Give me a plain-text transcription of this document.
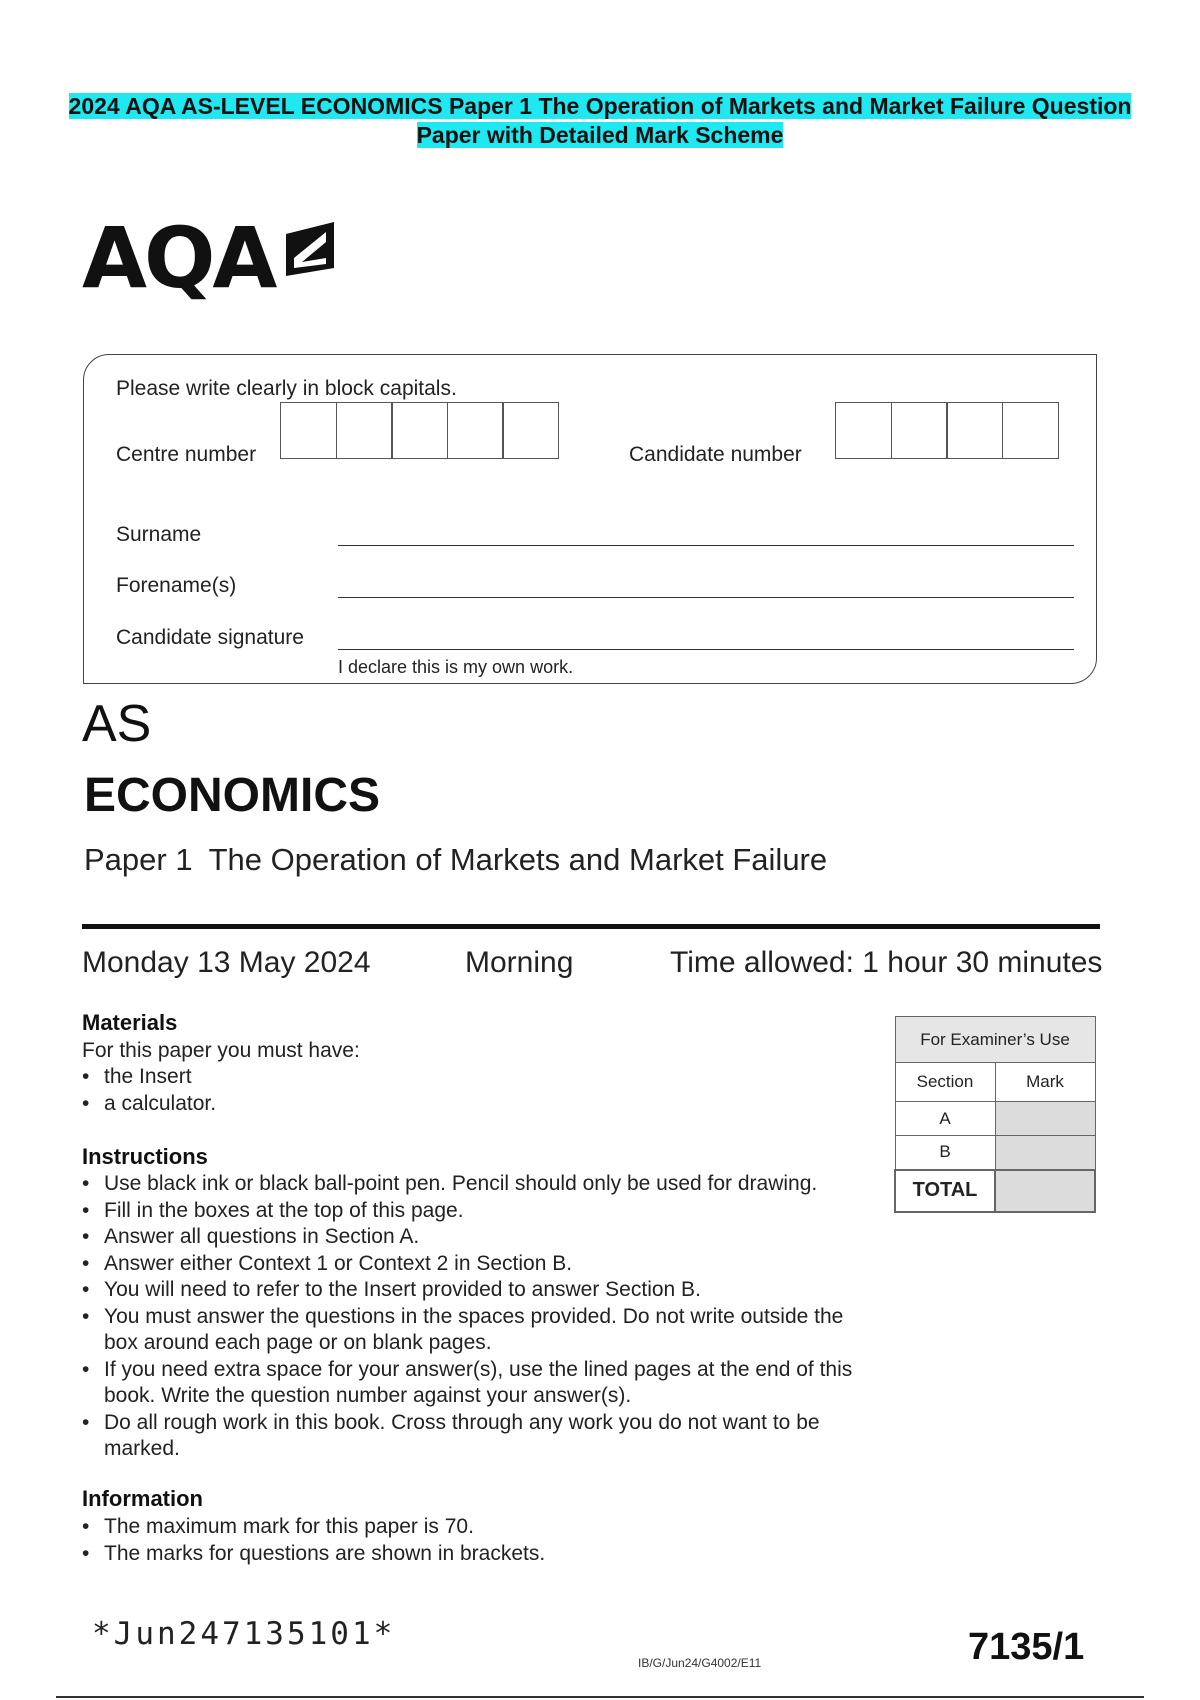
2024 AQA AS-LEVEL ECONOMICS Paper 1 The Operation of Markets and Market Failure Question
Paper with Detailed Mark Scheme
AQA
Please write clearly in block capitals.
Centre number	Candidate number
Surname
Forename(s)
Candidate signature
I declare this is my own work.
AS
ECONOMICS
Paper 1 The Operation of Markets and Market Failure
Monday 13 May 2024	Morning	Time allowed: 1 hour 30 minutes
Materials
For this paper you must have:
• the Insert
• a calculator.
Instructions
• Use black ink or black ball-point pen. Pencil should only be used for drawing.
• Fill in the boxes at the top of this page.
• Answer all questions in Section A.
• Answer either Context 1 or Context 2 in Section B.
• You will need to refer to the Insert provided to answer Section B.
• You must answer the questions in the spaces provided. Do not write outside the box around each page or on blank pages.
• If you need extra space for your answer(s), use the lined pages at the end of this book. Write the question number against your answer(s).
• Do all rough work in this book. Cross through any work you do not want to be marked.
Information
• The maximum mark for this paper is 70.
• The marks for questions are shown in brackets.
For Examiner’s Use	
Section	Mark
A	
B	
TOTAL	
*Jun247135101*
IB/G/Jun24/G4002/E11	7135/1
